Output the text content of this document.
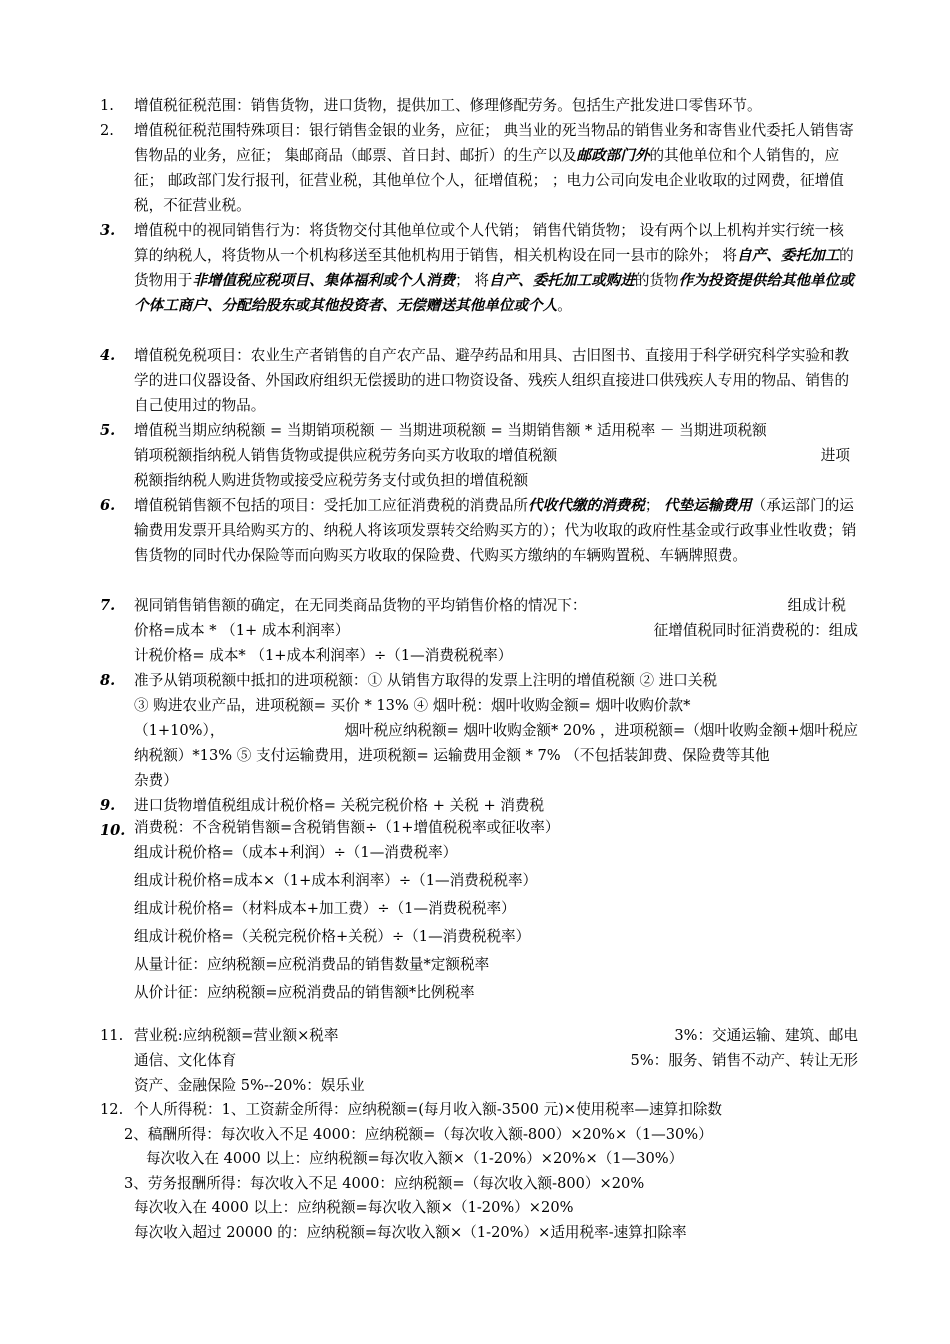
1.	增值税征税范围：销售货物，进口货物，提供加工、修理修配劳务。包括生产批发进口零售环节。
2.	增值税征税范围特殊项目：银行销售金银的业务，应征； 典当业的死当物品的销售业务和寄售业代委托人销售寄售物品的业务，应征； 集邮商品（邮票、首日封、邮折）的生产以及邮政部门外的其他单位和个人销售的，应征； 邮政部门发行报刊，征营业税，其他单位个人，征增值税； ；电力公司向发电企业收取的过网费，征增值税，不征营业税。
3.	增值税中的视同销售行为：将货物交付其他单位或个人代销； 销售代销货物； 设有两个以上机构并实行统一核算的纳税人，将货物从一个机构移送至其他机构用于销售，相关机构设在同一县市的除外； 将自产、委托加工的货物用于非增值税应税项目、集体福利或个人消费； 将自产、委托加工或购进的货物作为投资提供给其他单位或个体工商户、分配给股东或其他投资者、无偿赠送其他单位或个人。
4.	增值税免税项目：农业生产者销售的自产农产品、避孕药品和用具、古旧图书、直接用于科学研究科学实验和教学的进口仪器设备、外国政府组织无偿援助的进口物资设备、残疾人组织直接进口供残疾人专用的物品、销售的自己使用过的物品。
5.	增值税当期应纳税额 = 当期销项税额 － 当期进项税额 = 当期销售额 * 适用税率 － 当期进项税额
销项税额指纳税人销售货物或提供应税劳务向买方收取的增值税额	进项
税额指纳税人购进货物或接受应税劳务支付或负担的增值税额
6.	增值税销售额不包括的项目：受托加工应征消费税的消费品所代收代缴的消费税； 代垫运输费用（承运部门的运输费用发票开具给购买方的、纳税人将该项发票转交给购买方的）；代为收取的政府性基金或行政事业性收费；销售货物的同时代办保险等而向购买方收取的保险费、代购买方缴纳的车辆购置税、车辆牌照费。
7.	视同销售销售额的确定，在无同类商品货物的平均销售价格的情况下：	组成计税
价格=成本 * （1+ 成本利润率）	征增值税同时征消费税的：组成
计税价格= 成本* （1+成本利润率）÷（1—消费税税率）
8.	准予从销项税额中抵扣的进项税额：① 从销售方取得的发票上注明的增值税额 ② 进口关税
③ 购进农业产品，进项税额= 买价 * 13% ④ 烟叶税：烟叶收购金额= 烟叶收购价款*
（1+10%），	烟叶税应纳税额= 烟叶收购金额* 20% ，进项税额=（烟叶收购金额+烟叶税应
纳税额）*13% ⑤ 支付运输费用，进项税额= 运输费用金额 * 7% （不包括装卸费、保险费等其他
杂费）
9.	进口货物增值税组成计税价格= 关税完税价格 + 关税 + 消费税
10. 消费税：不含税销售额=含税销售额÷（1+增值税税率或征收率）
组成计税价格=（成本+利润）÷（1—消费税率）
组成计税价格=成本×（1+成本利润率）÷（1—消费税税率）
组成计税价格=（材料成本+加工费）÷（1—消费税税率）
组成计税价格=（关税完税价格+关税）÷（1—消费税税率）
从量计征：应纳税额=应税消费品的销售数量*定额税率
从价计征：应纳税额=应税消费品的销售额*比例税率
11. 营业税:应纳税额=营业额×税率	3%：交通运输、建筑、邮电
通信、文化体育	5%：服务、销售不动产、转让无形
资产、金融保险 5%--20%：娱乐业
12. 个人所得税：1、工资薪金所得：应纳税额=(每月收入额-3500 元)×使用税率—速算扣除数
2、稿酬所得：每次收入不足 4000：应纳税额=（每次收入额-800）×20%×（1—30%）
每次收入在 4000 以上：应纳税额=每次收入额×（1-20%）×20%×（1—30%）
3、劳务报酬所得：每次收入不足 4000：应纳税额=（每次收入额-800）×20%
每次收入在 4000 以上：应纳税额=每次收入额×（1-20%）×20%
每次收入超过 20000 的：应纳税额=每次收入额×（1-20%）×适用税率-速算扣除率
